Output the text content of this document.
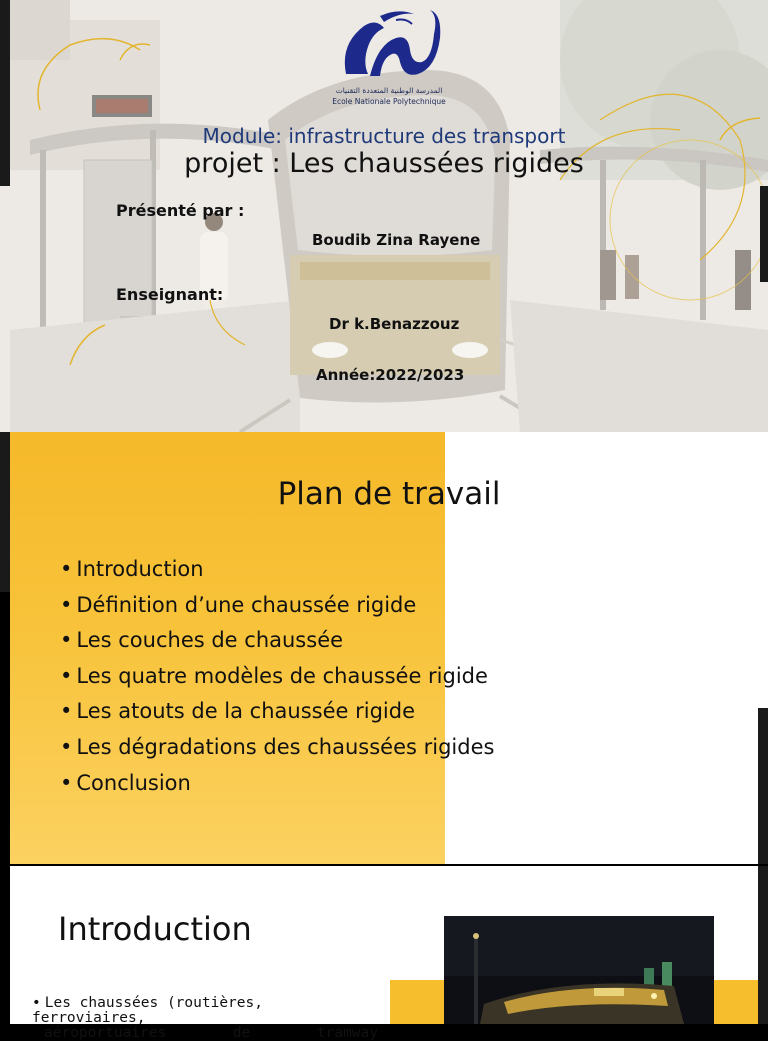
المدرسة الوطنية المتعددة التقنيات
Ecole Nationale Polytechnique
Module: infrastructure des transport
projet : Les chaussées rigides
Présenté par :
Boudib Zina Rayene
Enseignant:
Dr k.Benazzouz
Année:2022/2023
Plan de travail
• Introduction
• Définition d’une chaussée rigide
• Les couches de chaussée
• Les quatre modèles de chaussée rigide
• Les atouts de la chaussée rigide
• Les dégradations des chaussées rigides
• Conclusion
Introduction
• Les chaussées (routières, ferroviaires,
aéroportuaires	de	tramway
